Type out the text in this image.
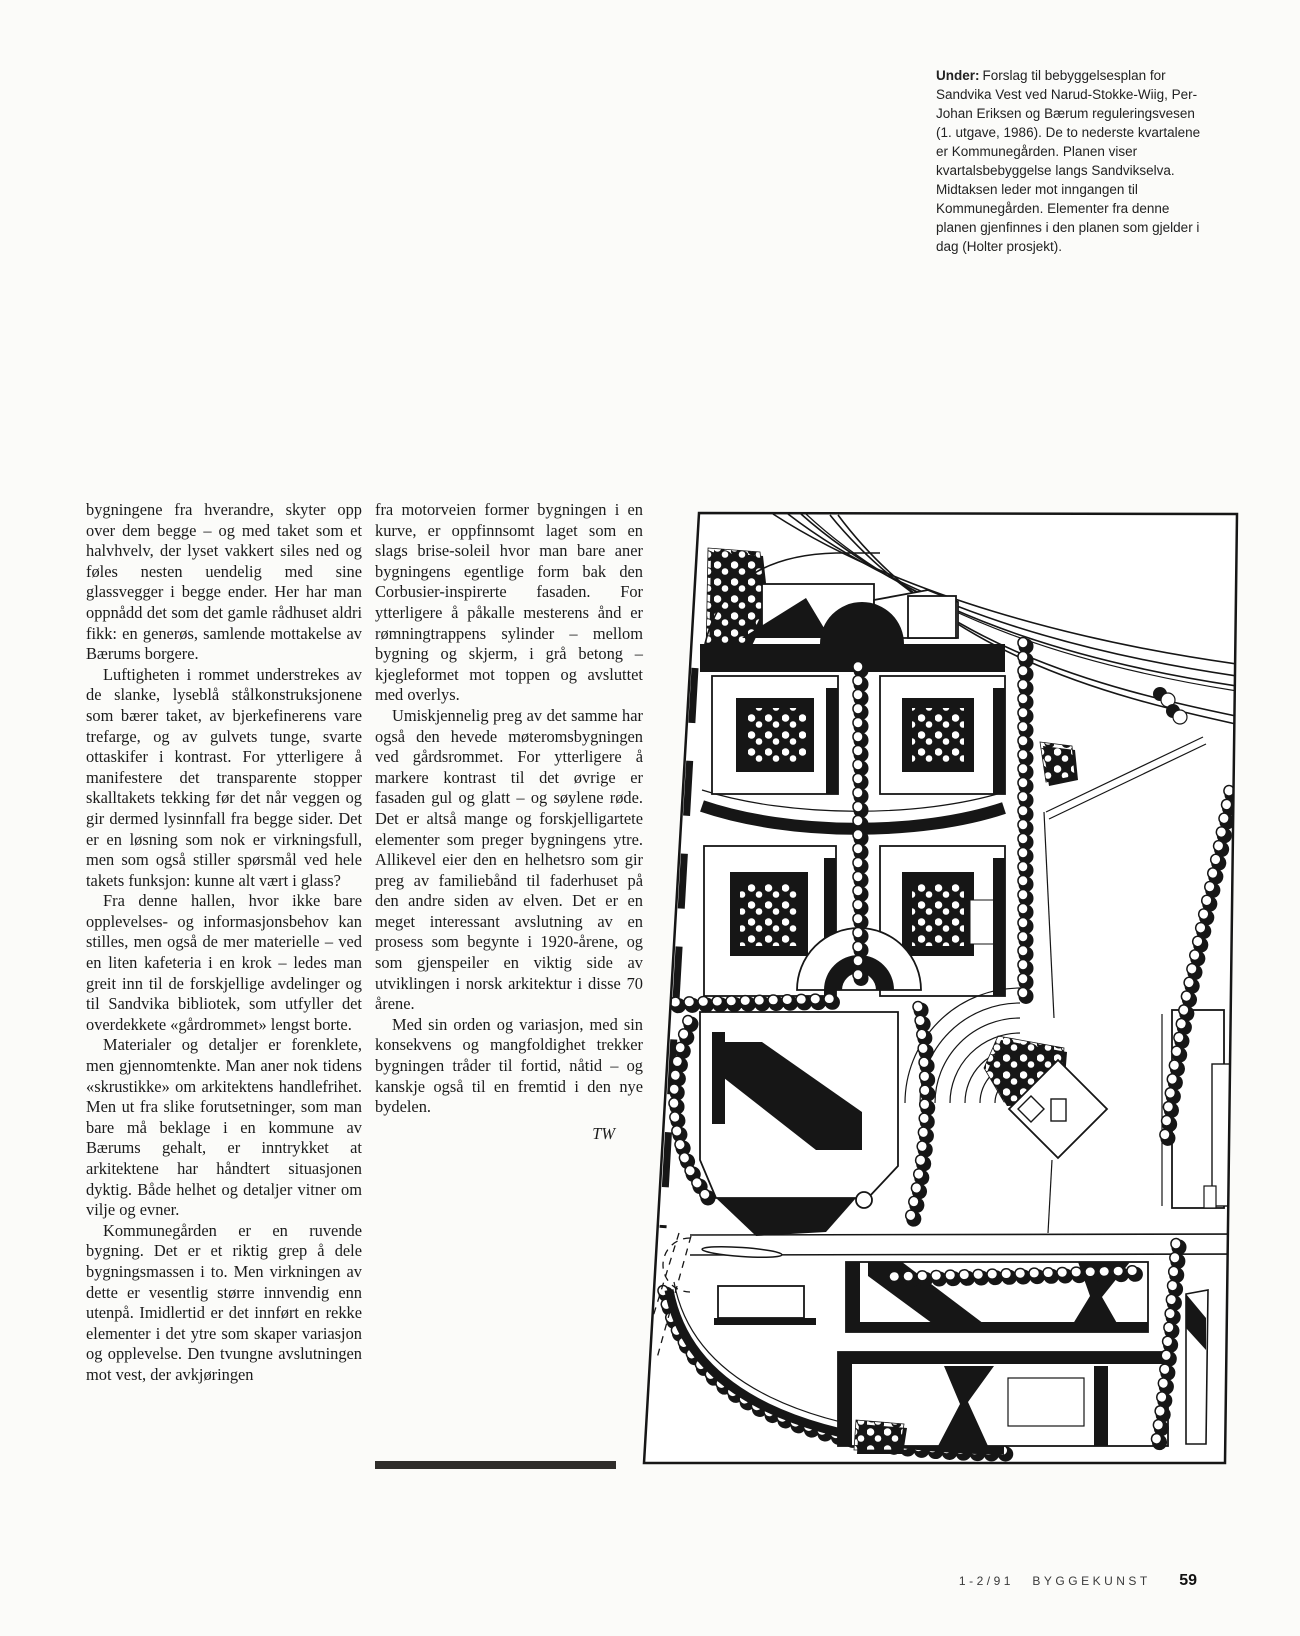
Under: Forslag til bebyggelsesplan for Sandvika Vest ved Narud-Stokke-Wiig, Per-Johan Eriksen og Bærum reguleringsvesen (1. utgave, 1986). De to nederste kvartalene er Kommunegården. Planen viser kvartalsbebyggelse langs Sandvikselva. Midtaksen leder mot inngangen til Kommunegården. Elementer fra denne planen gjenfinnes i den planen som gjelder i dag (Holter prosjekt).

bygningene fra hverandre, skyter opp over dem begge – og med taket som et halvhvelv, der lyset vakkert siles ned og føles nesten uendelig med sine glassvegger i begge ender. Her har man oppnådd det som det gamle rådhuset aldri fikk: en generøs, samlende mottakelse av Bærums borgere.

Luftigheten i rommet understrekes av de slanke, lyseblå stålkonstruksjonene som bærer taket, av bjerkefinerens vare trefarge, og av gulvets tunge, svarte ottaskifer i kontrast. For ytterligere å manifestere det transparente stopper skalltakets tekking før det når veggen og gir dermed lysinnfall fra begge sider. Det er en løsning som nok er virkningsfull, men som også stiller spørsmål ved hele takets funksjon: kunne alt vært i glass?

Fra denne hallen, hvor ikke bare opplevelses- og informasjonsbehov kan stilles, men også de mer materielle – ved en liten kafeteria i en krok – ledes man greit inn til de forskjellige avdelinger og til Sandvika bibliotek, som utfyller det overdekkete «gårdrommet» lengst borte.

Materialer og detaljer er forenklete, men gjennomtenkte. Man aner nok tidens «skrustikke» om arkitektens handlefrihet. Men ut fra slike forutsetninger, som man bare må beklage i en kommune av Bærums gehalt, er inntrykket at arkitektene har håndtert situasjonen dyktig. Både helhet og detaljer vitner om vilje og evner.

Kommunegården er en ruvende bygning. Det er et riktig grep å dele bygningsmassen i to. Men virkningen av dette er vesentlig større innvendig enn utenpå. Imidlertid er det innført en rekke elementer i det ytre som skaper variasjon og opplevelse. Den tvungne avslutningen mot vest, der avkjøringen

fra motorveien former bygningen i en kurve, er oppfinnsomt laget som en slags brise-soleil hvor man bare aner bygningens egentlige form bak den Corbusier-inspirerte fasaden. For ytterligere å påkalle mesterens ånd er rømningtrappens sylinder – mellom bygning og skjerm, i grå betong – kjegleformet mot toppen og avsluttet med overlys.

Umiskjennelig preg av det samme har også den hevede møteromsbygningen ved gårdsrommet. For ytterligere å markere kontrast til det øvrige er fasaden gul og glatt – og søylene røde. Det er altså mange og forskjelligartete elementer som preger bygningens ytre. Allikevel eier den en helhetsro som gir preg av familiebånd til faderhuset på den andre siden av elven. Det er en meget interessant avslutning av en prosess som begynte i 1920-årene, og som gjenspeiler en viktig side av utviklingen i norsk arkitektur i disse 70 årene.

Med sin orden og variasjon, med sin konsekvens og mangfoldighet trekker bygningen tråder til fortid, nåtid – og kanskje også til en fremtid i den nye bydelen.

TW

1-2/91 BYGGEKUNST 59
